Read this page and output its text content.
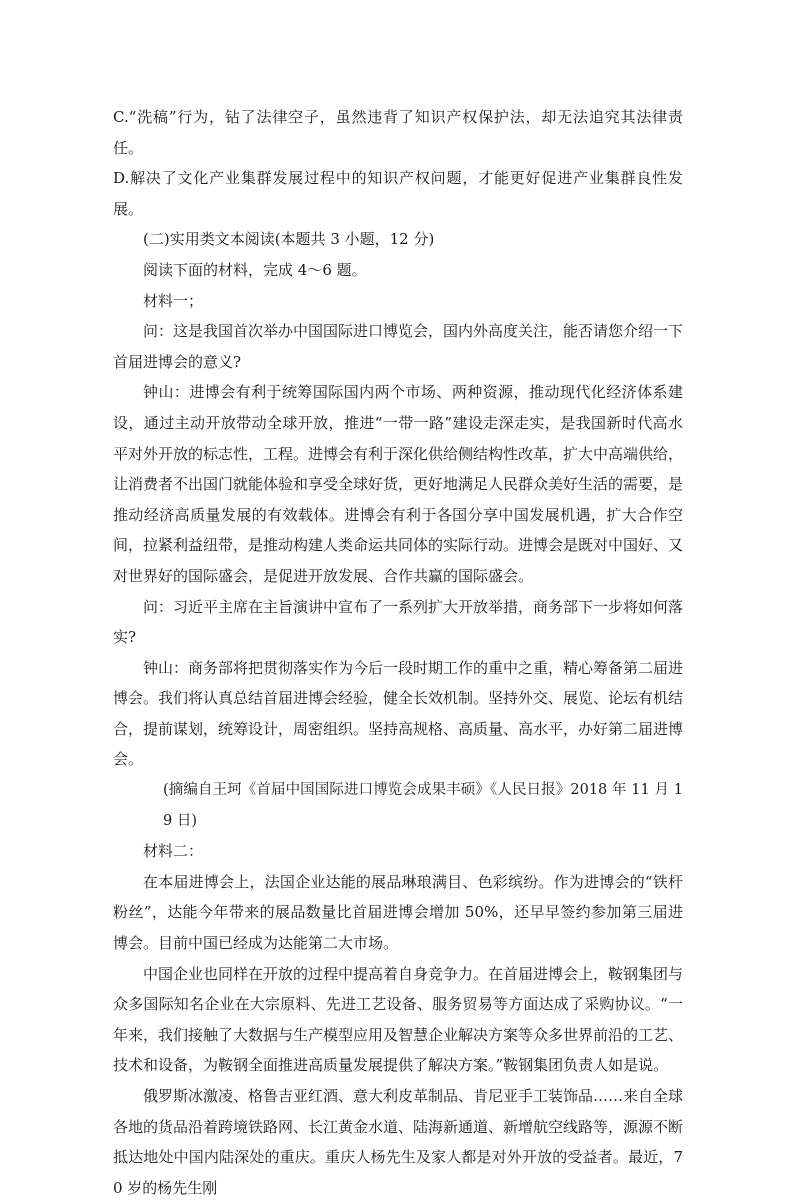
C.“洗稿”行为，钻了法律空子，虽然违背了知识产权保护法，却无法追究其法律责任。

D.解决了文化产业集群发展过程中的知识产权问题，才能更好促进产业集群良性发展。

(二)实用类文本阅读(本题共 3 小题，12 分)

阅读下面的材料，完成 4～6 题。

材料一；

问：这是我国首次举办中国国际进口博览会，国内外高度关注，能否请您介绍一下首届进博会的意义?

钟山：进博会有利于统筹国际国内两个市场、两种资源，推动现代化经济体系建设，通过主动开放带动全球开放，推进“一带一路”建设走深走实，是我国新时代高水平对外开放的标志性，工程。进博会有利于深化供给侧结构性改革，扩大中高端供给，让消费者不出国门就能体验和享受全球好货，更好地满足人民群众美好生活的需要，是推动经济高质量发展的有效载体。进博会有利于各国分享中国发展机遇，扩大合作空间，拉紧利益纽带，是推动构建人类命运共同体的实际行动。进博会是既对中国好、又对世界好的国际盛会，是促进开放发展、合作共赢的国际盛会。

问：习近平主席在主旨演讲中宣布了一系列扩大开放举措，商务部下一步将如何落实?

钟山：商务部将把贯彻落实作为今后一段时期工作的重中之重，精心筹备第二届进博会。我们将认真总结首届进博会经验，健全长效机制。坚持外交、展览、论坛有机结合，提前谋划，统筹设计，周密组织。坚持高规格、高质量、高水平，办好第二届进博会。

(摘编自王珂《首届中国国际进口博览会成果丰硕》《人民日报》2018 年 11 月 19 日)

材料二：

在本届进博会上，法国企业达能的展品琳琅满目、色彩缤纷。作为进博会的“铁杆粉丝”，达能今年带来的展品数量比首届进博会增加 50%，还早早签约参加第三届进博会。目前中国已经成为达能第二大市场。

中国企业也同样在开放的过程中提高着自身竞争力。在首届进博会上，鞍钢集团与众多国际知名企业在大宗原料、先进工艺设备、服务贸易等方面达成了采购协议。“一年来，我们接触了大数据与生产模型应用及智慧企业解决方案等众多世界前沿的工艺、技术和设备，为鞍钢全面推进高质量发展提供了解决方案。”鞍钢集团负责人如是说。

俄罗斯冰激凌、格鲁吉亚红酒、意大利皮革制品、肯尼亚手工装饰品……来自全球各地的货品沿着跨境铁路网、长江黄金水道、陆海新通道、新增航空线路等，源源不断抵达地处中国内陆深处的重庆。重庆人杨先生及家人都是对外开放的受益者。最近，70 岁的杨先生刚
